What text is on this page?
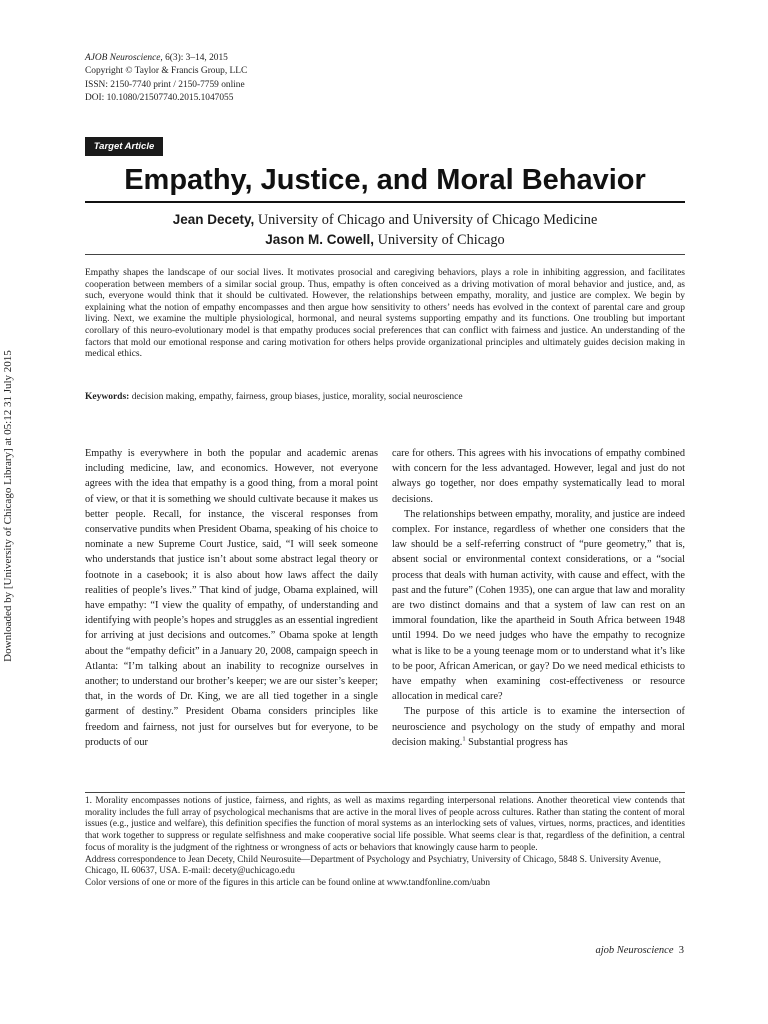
Downloaded by [University of Chicago Library] at 05:12 31 July 2015
AJOB Neuroscience, 6(3): 3–14, 2015
Copyright © Taylor & Francis Group, LLC
ISSN: 2150-7740 print / 2150-7759 online
DOI: 10.1080/21507740.2015.1047055
Target Article
Empathy, Justice, and Moral Behavior
Jean Decety, University of Chicago and University of Chicago Medicine
Jason M. Cowell, University of Chicago

Empathy shapes the landscape of our social lives. It motivates prosocial and caregiving behaviors, plays a role in inhibiting aggression, and facilitates cooperation between members of a similar social group. Thus, empathy is often conceived as a driving motivation of moral behavior and justice, and, as such, everyone would think that it should be cultivated. However, the relationships between empathy, morality, and justice are complex. We begin by explaining what the notion of empathy encompasses and then argue how sensitivity to others’ needs has evolved in the context of parental care and group living. Next, we examine the multiple physiological, hormonal, and neural systems supporting empathy and its functions. One troubling but important corollary of this neuro-evolutionary model is that empathy produces social preferences that can conflict with fairness and justice. An understanding of the factors that mold our emotional response and caring motivation for others helps provide organizational principles and ultimately guides decision making in medical ethics.

Keywords: decision making, empathy, fairness, group biases, justice, morality, social neuroscience

Empathy is everywhere in both the popular and academic arenas including medicine, law, and economics. However, not everyone agrees with the idea that empathy is a good thing, from a moral point of view, or that it is something we should cultivate because it makes us better people. Recall, for instance, the visceral responses from conservative pundits when President Obama, speaking of his choice to nominate a new Supreme Court Justice, said, “I will seek someone who understands that justice isn’t about some abstract legal theory or footnote in a casebook; it is also about how laws affect the daily realities of people’s lives.” That kind of judge, Obama explained, will have empathy: “I view the quality of empathy, of understanding and identifying with people’s hopes and struggles as an essential ingredient for arriving at just decisions and outcomes.” Obama spoke at length about the “empathy deficit” in a January 20, 2008, campaign speech in Atlanta: “I’m talking about an inability to recognize ourselves in another; to understand our brother’s keeper; we are our sister’s keeper; that, in the words of Dr. King, we are all tied together in a single garment of destiny.” President Obama considers principles like freedom and fairness, not just for ourselves but for everyone, to be products of our

care for others. This agrees with his invocations of empathy combined with concern for the less advantaged. However, legal and just do not always go together, nor does empathy systematically lead to moral decisions.

The relationships between empathy, morality, and justice are indeed complex. For instance, regardless of whether one considers that the law should be a self-referring construct of “pure geometry,” that is, absent social or environmental context considerations, or a “social process that deals with human activity, with cause and effect, with the past and the future” (Cohen 1935), one can argue that law and morality are two distinct domains and that a system of law can rest on an immoral foundation, like the apartheid in South Africa between 1948 until 1994. Do we need judges who have the empathy to recognize what is like to be a young teenage mom or to understand what it’s like to be poor, African American, or gay? Do we need medical ethicists to have empathy when examining cost-effectiveness or resource allocation in medical care?

The purpose of this article is to examine the intersection of neuroscience and psychology on the study of empathy and moral decision making.$^1$ Substantial progress has

1. Morality encompasses notions of justice, fairness, and rights, as well as maxims regarding interpersonal relations. Another theoretical view contends that morality includes the full array of psychological mechanisms that are active in the moral lives of people across cultures. Rather than stating the content of moral issues (e.g., justice and welfare), this definition specifies the function of moral systems as an interlocking sets of values, virtues, norms, practices, and identities that work together to suppress or regulate selfishness and make cooperative social life possible. What seems clear is that, regardless of the definition, a central focus of morality is the judgment of the rightness or wrongness of acts or behaviors that knowingly cause harm to people.

Address correspondence to Jean Decety, Child Neurosuite—Department of Psychology and Psychiatry, University of Chicago, 5848 S. University Avenue, Chicago, IL 60637, USA. E-mail: decety@uchicago.edu

Color versions of one or more of the figures in this article can be found online at www.tandfonline.com/uabn

ajob Neuroscience 3
